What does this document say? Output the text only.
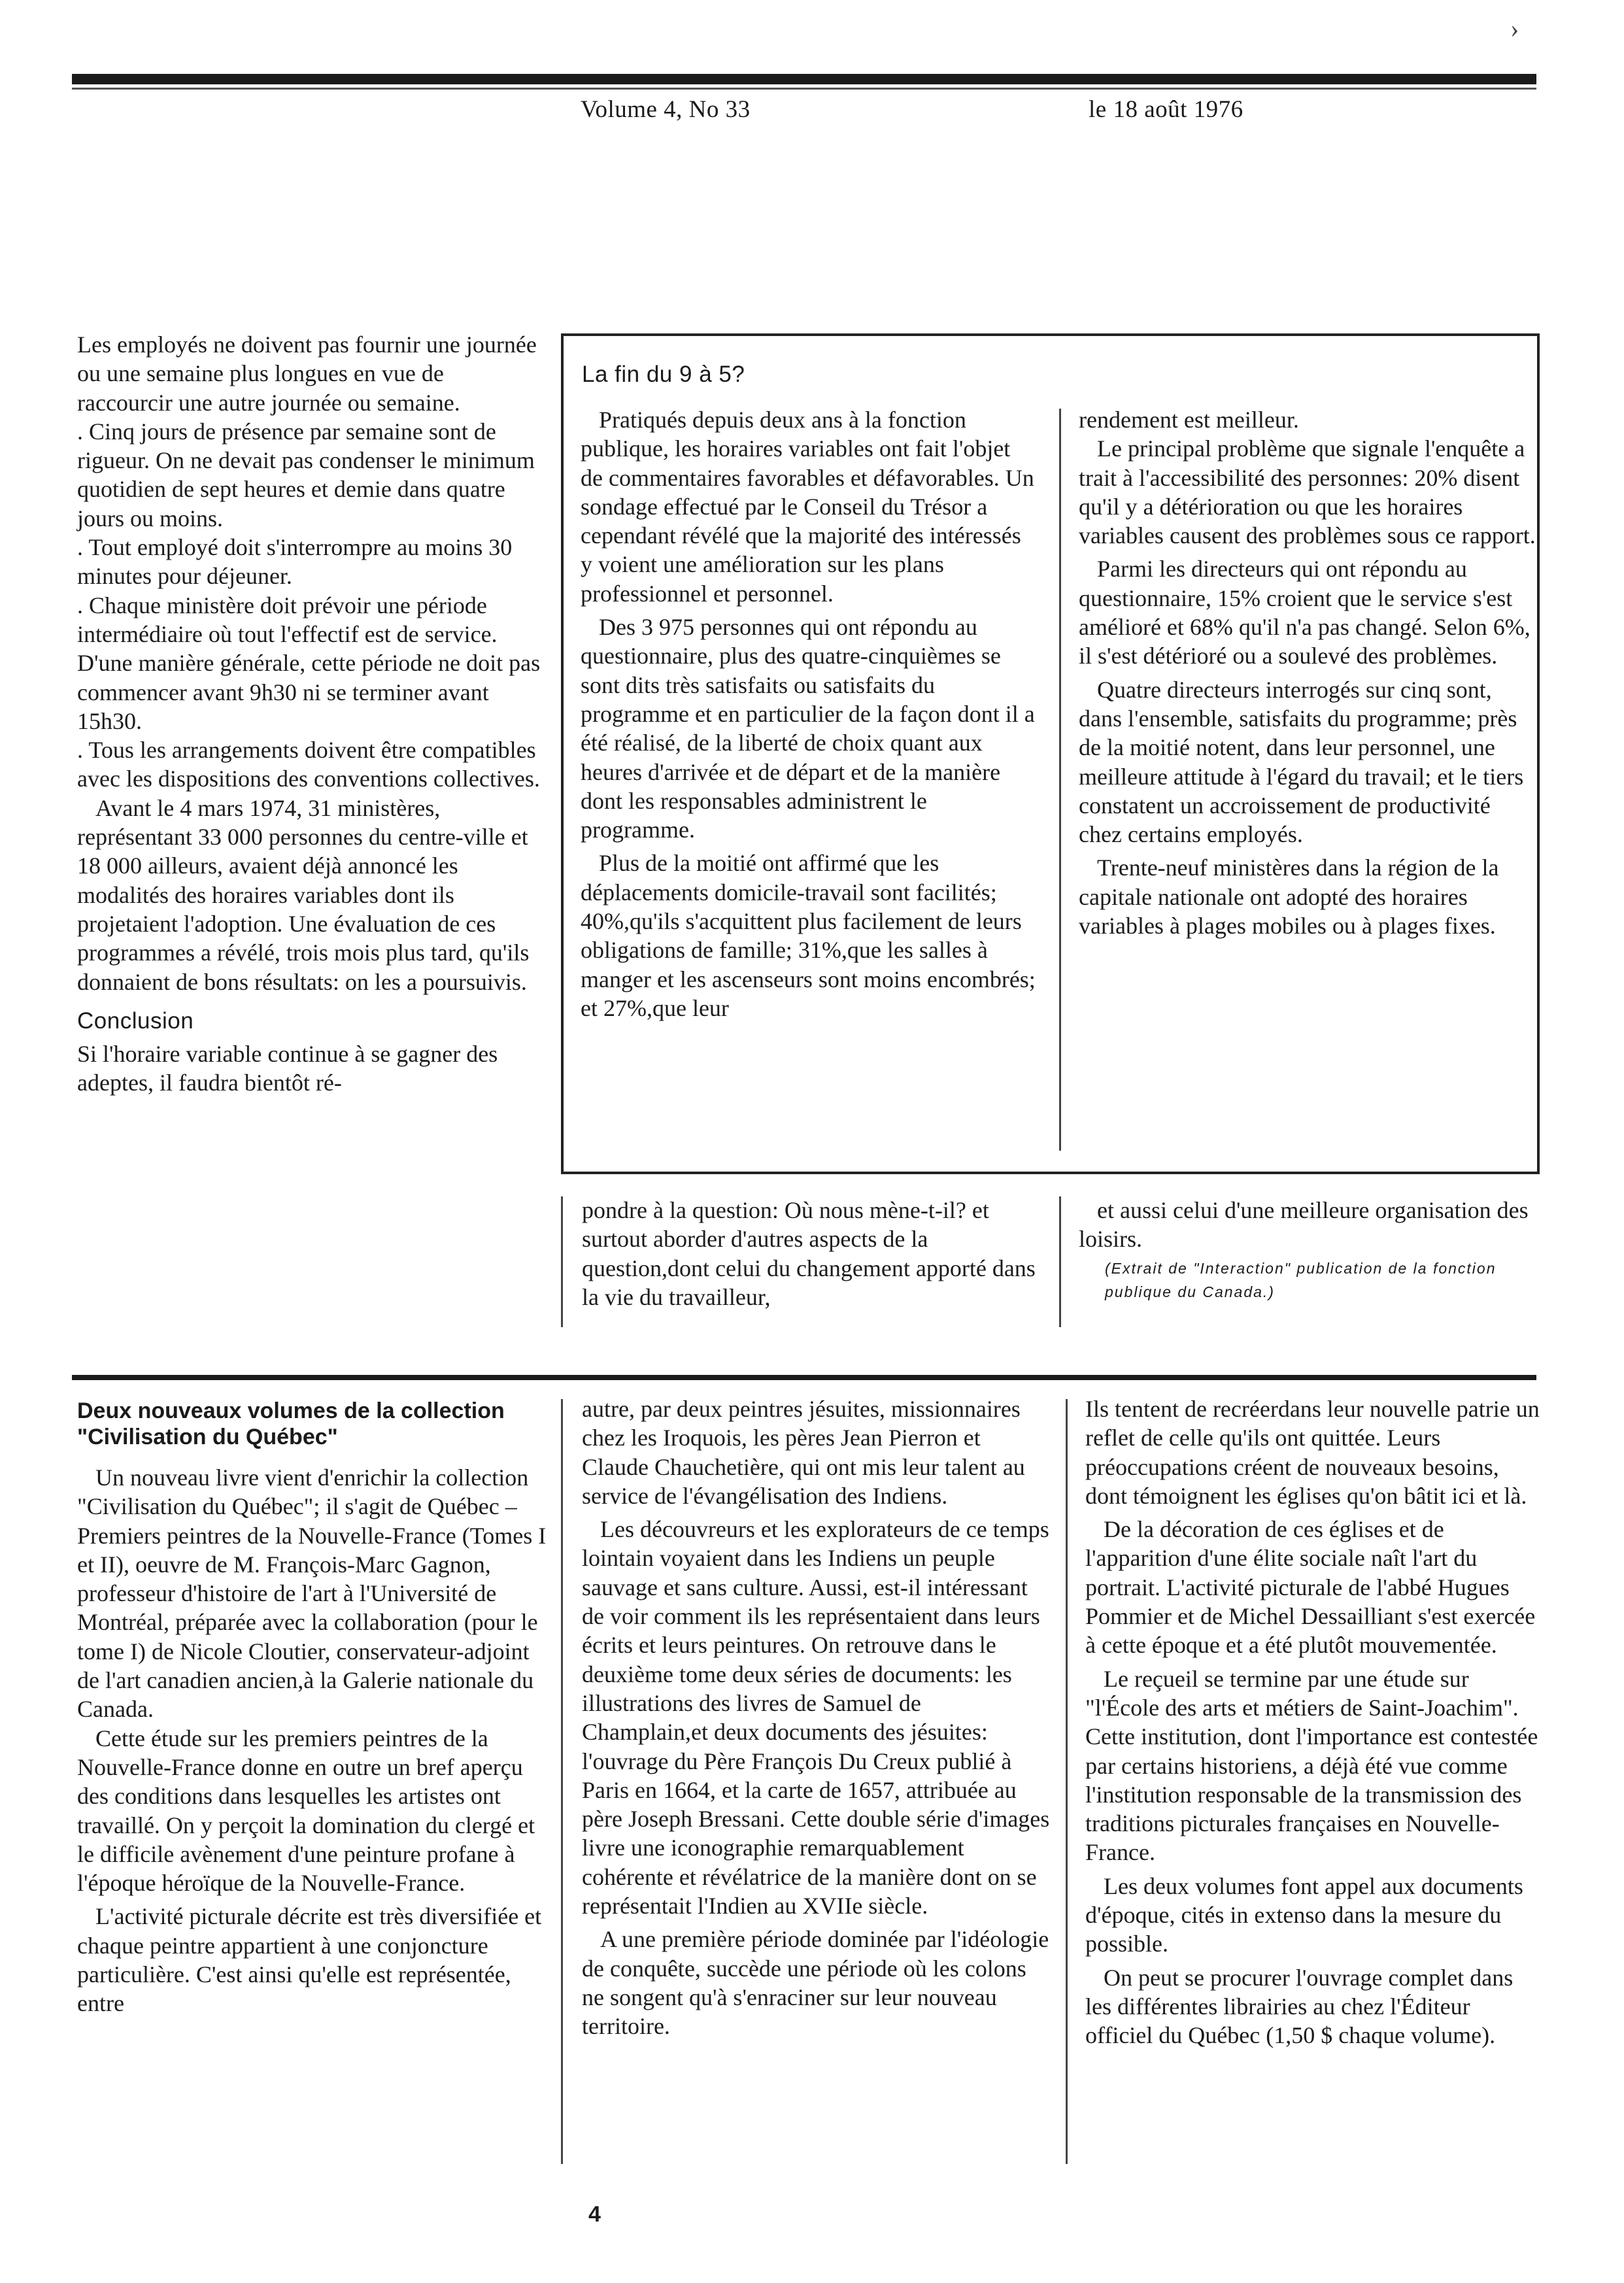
›
Volume 4, No 33	le 18 août 1976

Les employés ne doivent pas fournir une journée ou une semaine plus longues en vue de raccourcir une autre journée ou semaine.

. Cinq jours de présence par semaine sont de rigueur. On ne devait pas condenser le minimum quotidien de sept heures et demie dans quatre jours ou moins.

. Tout employé doit s'interrompre au moins 30 minutes pour déjeuner.

. Chaque ministère doit prévoir une période intermédiaire où tout l'effectif est de service. D'une manière générale, cette période ne doit pas commencer avant 9h30 ni se terminer avant 15h30.

. Tous les arrangements doivent être compatibles avec les dispositions des conventions collectives.

Avant le 4 mars 1974, 31 ministères, représentant 33 000 personnes du centre-ville et 18 000 ailleurs, avaient déjà annoncé les modalités des horaires variables dont ils projetaient l'adoption. Une évaluation de ces programmes a révélé, trois mois plus tard, qu'ils donnaient de bons résultats: on les a poursuivis.

Conclusion

Si l'horaire variable continue à se gagner des adeptes, il faudra bientôt ré-

La fin du 9 à 5?

Pratiqués depuis deux ans à la fonction publique, les horaires variables ont fait l'objet de commentaires favorables et défavorables. Un sondage effectué par le Conseil du Trésor a cependant révélé que la majorité des intéressés y voient une amélioration sur les plans professionnel et personnel.

Des 3 975 personnes qui ont répondu au questionnaire, plus des quatre-cinquièmes se sont dits très satisfaits ou satisfaits du programme et en particulier de la façon dont il a été réalisé, de la liberté de choix quant aux heures d'arrivée et de départ et de la manière dont les responsables administrent le programme.

Plus de la moitié ont affirmé que les déplacements domicile-travail sont facilités; 40%,qu'ils s'acquittent plus facilement de leurs obligations de famille; 31%,que les salles à manger et les ascenseurs sont moins encombrés; et 27%,que leur

rendement est meilleur.

Le principal problème que signale l'enquête a trait à l'accessibilité des personnes: 20% disent qu'il y a détérioration ou que les horaires variables causent des problèmes sous ce rapport.

Parmi les directeurs qui ont répondu au questionnaire, 15% croient que le service s'est amélioré et 68% qu'il n'a pas changé. Selon 6%, il s'est détérioré ou a soulevé des problèmes.

Quatre directeurs interrogés sur cinq sont, dans l'ensemble, satisfaits du programme; près de la moitié notent, dans leur personnel, une meilleure attitude à l'égard du travail; et le tiers constatent un accroissement de productivité chez certains employés.

Trente-neuf ministères dans la région de la capitale nationale ont adopté des horaires variables à plages mobiles ou à plages fixes.

pondre à la question: Où nous mène-t-il? et surtout aborder d'autres aspects de la question,dont celui du changement apporté dans la vie du travailleur,

et aussi celui d'une meilleure organisation des loisirs.

(Extrait de "Interaction" publication de la fonction publique du Canada.)
Deux nouveaux volumes de la collection "Civilisation du Québec"

Un nouveau livre vient d'enrichir la collection "Civilisation du Québec"; il s'agit de Québec – Premiers peintres de la Nouvelle-France (Tomes I et II), oeuvre de M. François-Marc Gagnon, professeur d'histoire de l'art à l'Université de Montréal, préparée avec la collaboration (pour le tome I) de Nicole Cloutier, conservateur-adjoint de l'art canadien ancien,à la Galerie nationale du Canada.

Cette étude sur les premiers peintres de la Nouvelle-France donne en outre un bref aperçu des conditions dans lesquelles les artistes ont travaillé. On y perçoit la domination du clergé et le difficile avènement d'une peinture profane à l'époque héroïque de la Nouvelle-France.

L'activité picturale décrite est très diversifiée et chaque peintre appartient à une conjoncture particulière. C'est ainsi qu'elle est représentée, entre

autre, par deux peintres jésuites, missionnaires chez les Iroquois, les pères Jean Pierron et Claude Chauchetière, qui ont mis leur talent au service de l'évangélisation des Indiens.

Les découvreurs et les explorateurs de ce temps lointain voyaient dans les Indiens un peuple sauvage et sans culture. Aussi, est-il intéressant de voir comment ils les représentaient dans leurs écrits et leurs peintures. On retrouve dans le deuxième tome deux séries de documents: les illustrations des livres de Samuel de Champlain,et deux documents des jésuites: l'ouvrage du Père François Du Creux publié à Paris en 1664, et la carte de 1657, attribuée au père Joseph Bressani. Cette double série d'images livre une iconographie remarquablement cohérente et révélatrice de la manière dont on se représentait l'Indien au XVIIe siècle.

A une première période dominée par l'idéologie de conquête, succède une période où les colons ne songent qu'à s'enraciner sur leur nouveau territoire.

Ils tentent de recréerdans leur nouvelle patrie un reflet de celle qu'ils ont quittée. Leurs préoccupations créent de nouveaux besoins, dont témoignent les églises qu'on bâtit ici et là.

De la décoration de ces églises et de l'apparition d'une élite sociale naît l'art du portrait. L'activité picturale de l'abbé Hugues Pommier et de Michel Dessailliant s'est exercée à cette époque et a été plutôt mouvementée.

Le reçueil se termine par une étude sur "l'École des arts et métiers de Saint-Joachim". Cette institution, dont l'importance est contestée par certains historiens, a déjà été vue comme l'institution responsable de la transmission des traditions picturales françaises en Nouvelle-France.

Les deux volumes font appel aux documents d'époque, cités in extenso dans la mesure du possible.

On peut se procurer l'ouvrage complet dans les différentes librairies au chez l'Éditeur officiel du Québec (1,50 $ chaque volume).

4
